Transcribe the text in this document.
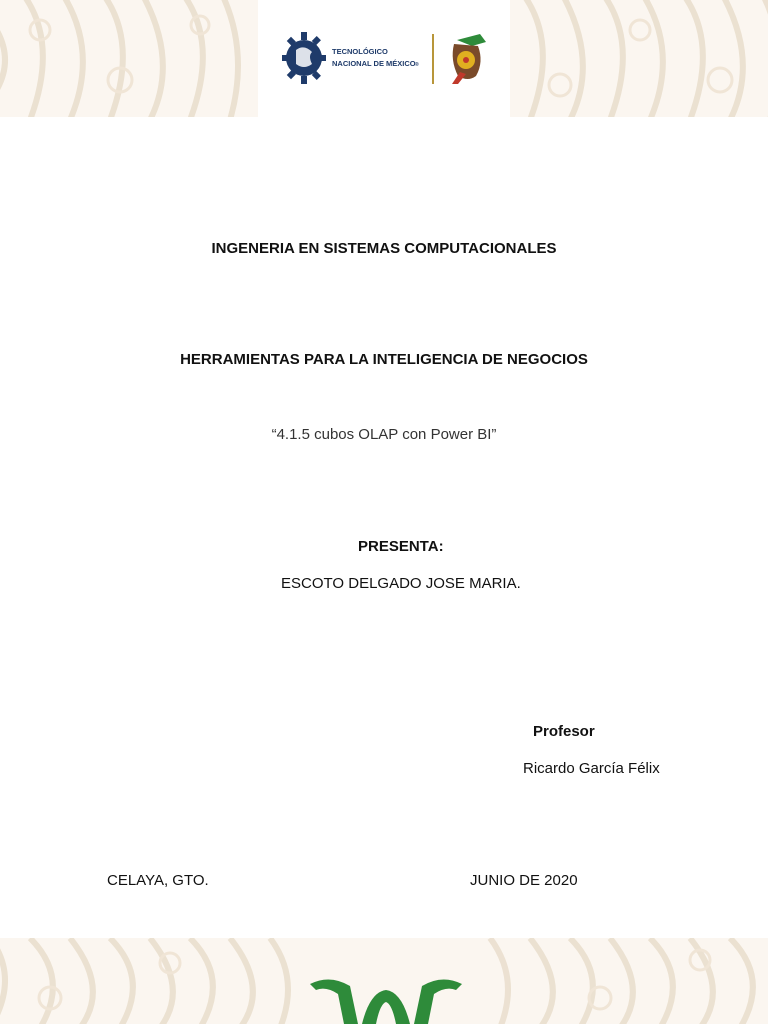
TECNOLÓGICO
NACIONAL DE MÉXICO ®
INGENERIA EN SISTEMAS COMPUTACIONALES
HERRAMIENTAS PARA LA INTELIGENCIA DE NEGOCIOS
“4.1.5 cubos OLAP con Power BI”
PRESENTA:
ESCOTO DELGADO JOSE MARIA.
Profesor
Ricardo García Félix
CELAYA, GTO.	JUNIO DE 2020
